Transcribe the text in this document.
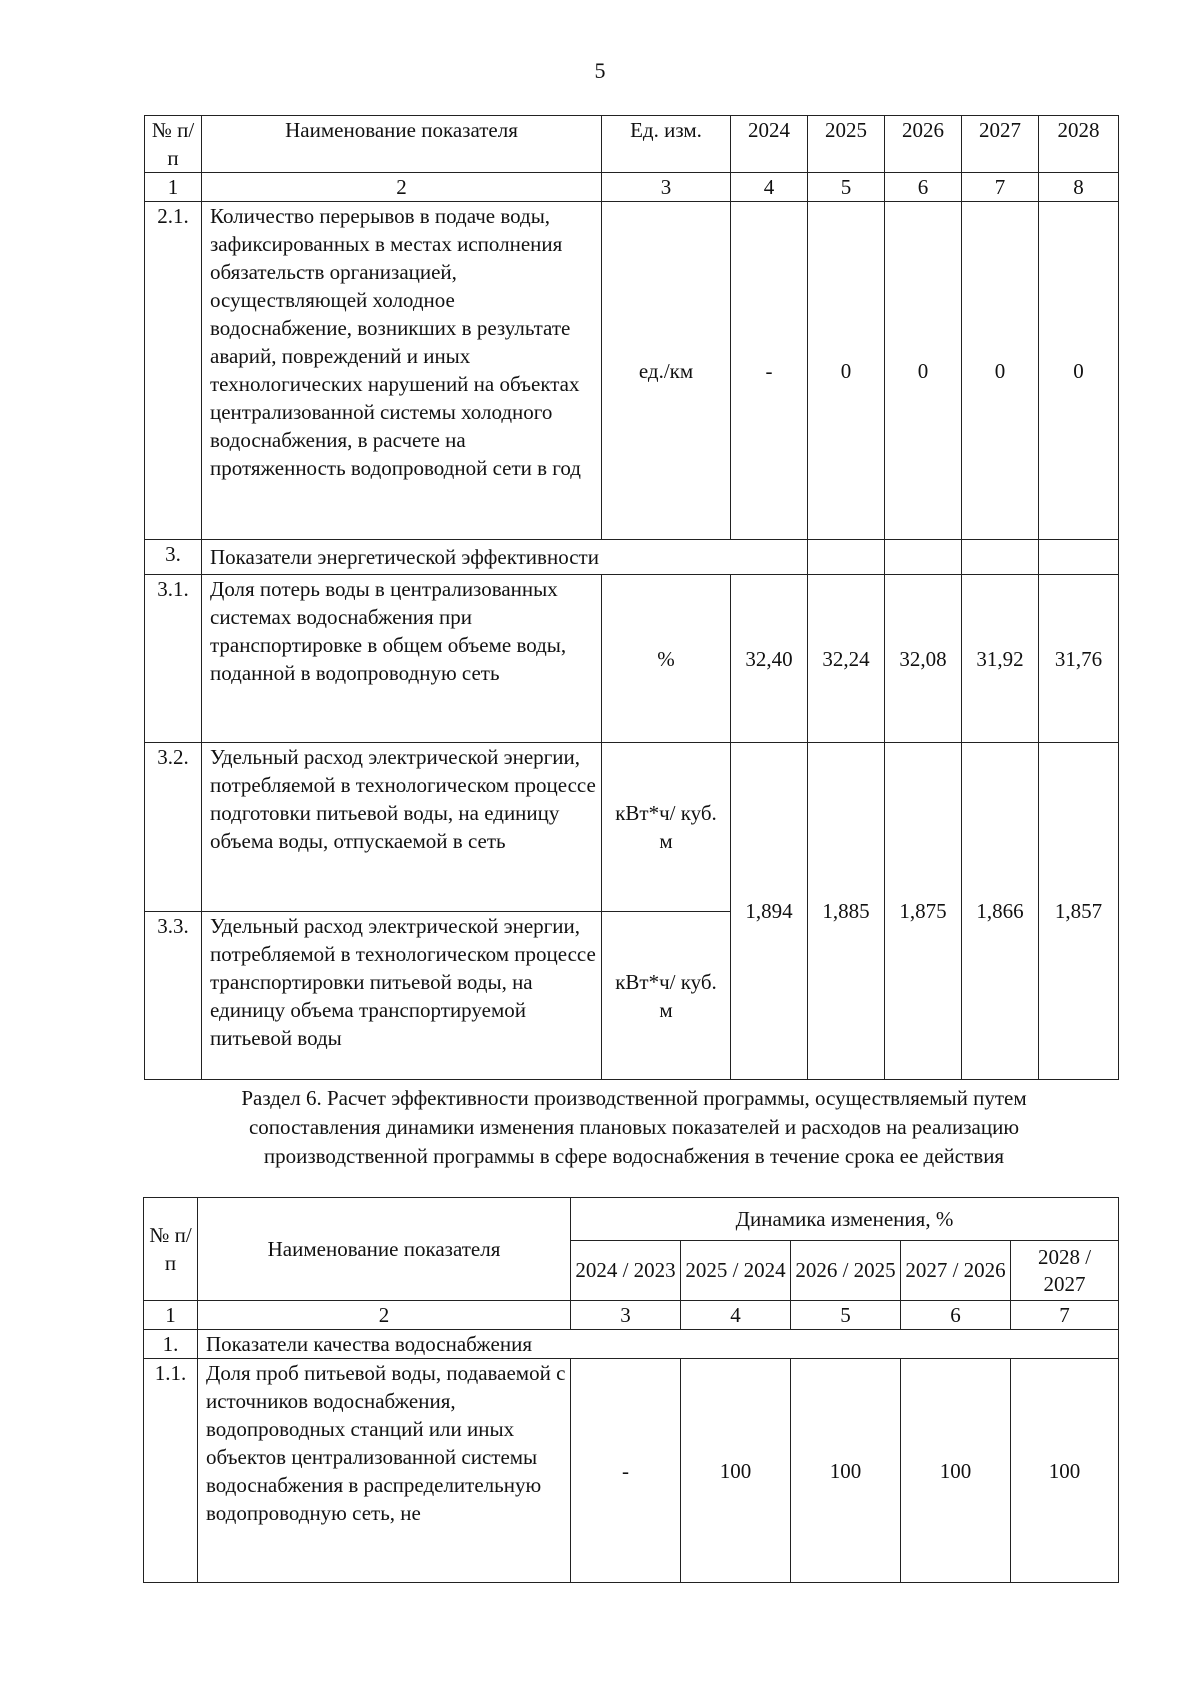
5
№ п/п	Наименование показателя	Ед. изм.	2024	2025	2026	2027	2028
1	2	3	4	5	6	7	8
2.1.	Количество перерывов в подаче воды, зафиксированных в местах исполнения обязательств организацией, осуществляющей холодное водоснабжение, возникших в результате аварий, повреждений и иных технологических нарушений на объектах централизованной системы холодного водоснабжения, в расчете на протяженность водопроводной сети в год	ед./км	-	0	0	0	0
3.	Показатели энергетической эффективности						
3.1.	Доля потерь воды в централизованных системах водоснабжения при транспортировке в общем объеме воды, поданной в водопроводную сеть	%	32,40	32,24	32,08	31,92	31,76
3.2.	Удельный расход электрической энергии, потребляемой в технологическом процессе подготовки питьевой воды, на единицу объема воды, отпускаемой в сеть	кВт*ч/ куб. м	1,894	1,885	1,875	1,866	1,857
3.3.	Удельный расход электрической энергии, потребляемой в технологическом процессе транспортировки питьевой воды, на единицу объема транспортируемой питьевой воды	кВт*ч/ куб. м					
Раздел 6. Расчет эффективности производственной программы, осуществляемый путем
сопоставления динамики изменения плановых показателей и расходов на реализацию
производственной программы в сфере водоснабжения в течение срока ее действия
№ п/п	Наименование показателя	Динамика изменения, %				
		2024 / 2023	2025 / 2024	2026 / 2025	2027 / 2026	2028 / 2027
1	2	3	4	5	6	7
1.	Показатели качества водоснабжения					
1.1.	Доля проб питьевой воды, подаваемой с источников водоснабжения, водопроводных станций или иных объектов централизованной системы водоснабжения в распределительную водопроводную сеть, не	-	100	100	100	100
